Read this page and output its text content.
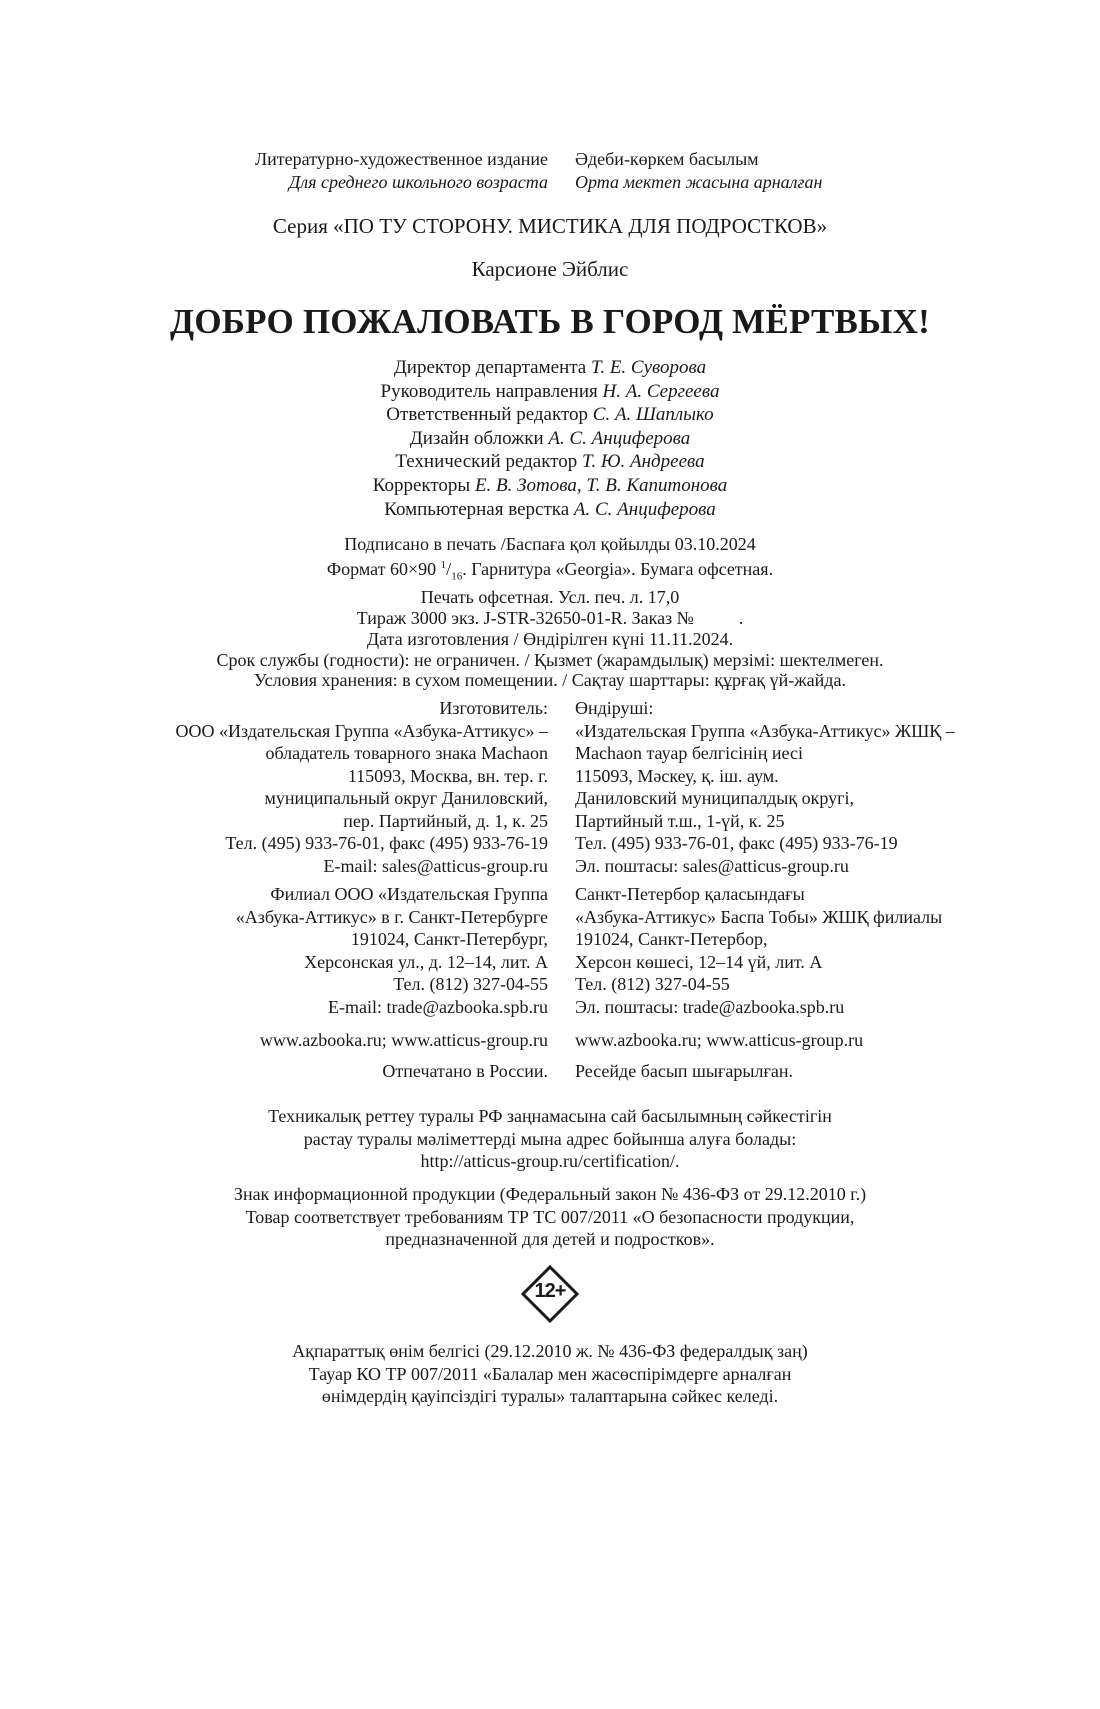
Литературно-художественное издание Әдеби-көркем басылым
Для среднего школьного возраста Орта мектеп жасына арналған
Серия «ПО ТУ СТОРОНУ. МИСТИКА ДЛЯ ПОДРОСТКОВ»
Карсионе Эйблис
ДОБРО ПОЖАЛОВАТЬ В ГОРОД МЁРТВЫХ!
Директор департамента Т. Е. Суворова
Руководитель направления Н. А. Сергеева
Ответственный редактор С. А. Шаплыко
Дизайн обложки А. С. Анциферова
Технический редактор Т. Ю. Андреева
Корректоры Е. В. Зотова, Т. В. Капитонова
Компьютерная верстка А. С. Анциферова
Подписано в печать /Баспаға қол қойылды 03.10.2024
Формат 60×90 $^1/_{16}$. Гарнитура «Georgia». Бумага офсетная.
Печать офсетная. Усл. печ. л. 17,0
Тираж 3000 экз. J-STR-32650-01-R. Заказ №          .
Дата изготовления / Өндірілген күні 11.11.2024.
Срок службы (годности): не ограничен. / Қызмет (жарамдылық) мерзімі: шектелмеген.
Условия хранения: в сухом помещении. / Сақтау шарттары: құрғақ үй-жайда.
Изготовитель: Өндіруші:
ООО «Издательская Группа «Азбука-Аттикус» – «Издательская Группа «Азбука-Аттикус» ЖШҚ –
обладатель товарного знака Machaon Machaon тауар белгісінің иесі
115093, Москва, вн. тер. г. 115093, Мәскеу, қ. іш. аум.
муниципальный округ Даниловский, Даниловский муниципалдық округі,
пер. Партийный, д. 1, к. 25 Партийный т.ш., 1-үй, к. 25
Тел. (495) 933-76-01, факс (495) 933-76-19 Тел. (495) 933-76-01, факс (495) 933-76-19
E-mail: sales@atticus-group.ru Эл. поштасы: sales@atticus-group.ru
Филиал ООО «Издательская Группа Санкт-Петербор қаласындағы
«Азбука-Аттикус» в г. Санкт-Петербурге «Азбука-Аттикус» Баспа Тобы» ЖШҚ филиалы
191024, Санкт-Петербург, 191024, Санкт-Петербор,
Херсонская ул., д. 12–14, лит. А Херсон көшесі, 12–14 үй, лит. А
Тел. (812) 327-04-55 Тел. (812) 327-04-55
E-mail: trade@azbooka.spb.ru Эл. поштасы: trade@azbooka.spb.ru
www.azbooka.ru; www.atticus-group.ru www.azbooka.ru; www.atticus-group.ru
Отпечатано в России. Ресейде басып шығарылған.
Техникалық реттеу туралы РФ заңнамасына сай басылымның сәйкестігін
растау туралы мәліметтерді мына адрес бойынша алуға болады:
http://atticus-group.ru/certification/.
Знак информационной продукции (Федеральный закон № 436-ФЗ от 29.12.2010 г.)
Товар соответствует требованиям ТР ТС 007/2011 «О безопасности продукции,
предназначенной для детей и подростков».
12+
Ақпараттық өнім белгісі (29.12.2010 ж. № 436-ФЗ федералдық заң)
Тауар КО ТР 007/2011 «Балалар мен жасөспірімдерге арналған
өнімдердің қауіпсіздігі туралы» талаптарына сәйкес келеді.
